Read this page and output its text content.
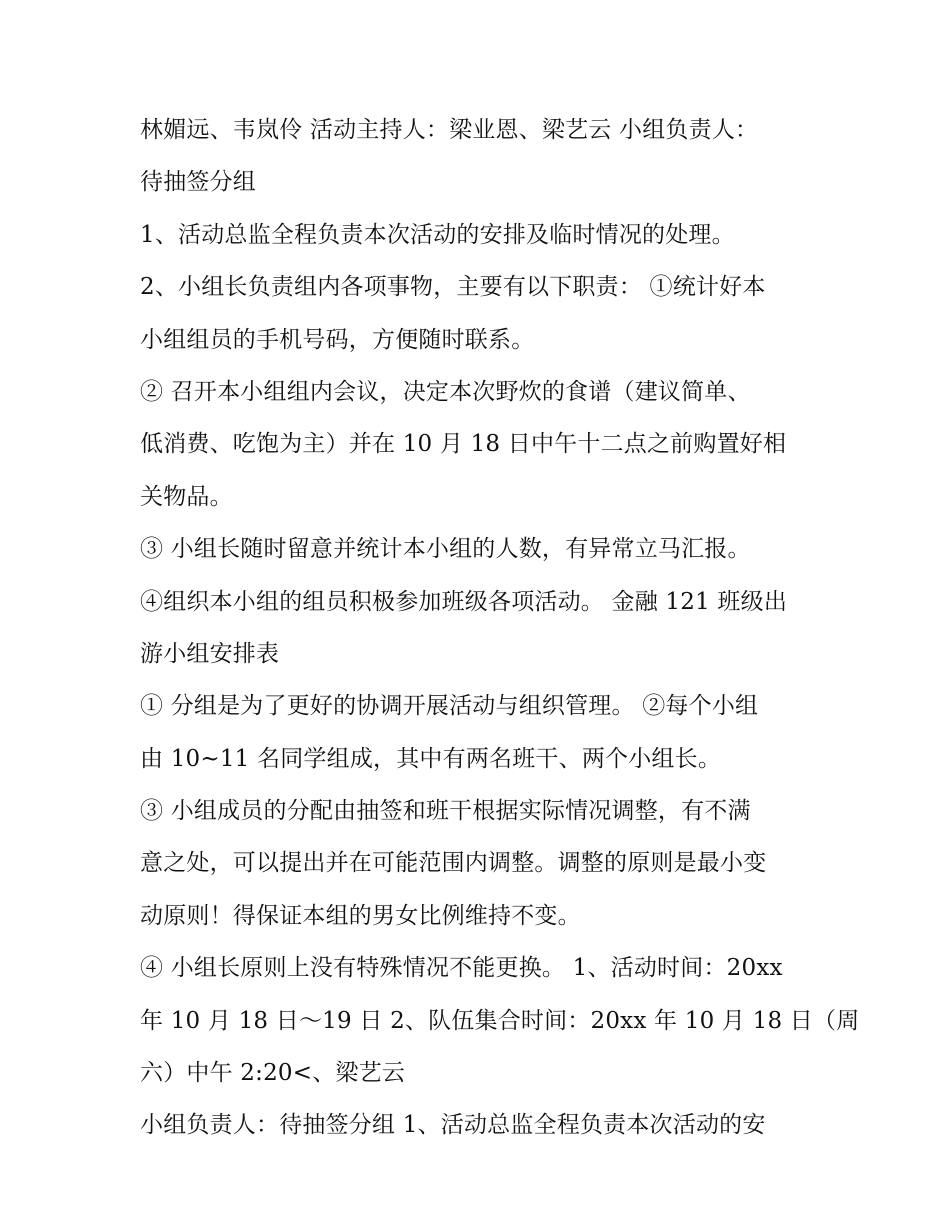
林媚远、韦岚伶 活动主持人：梁业恩、梁艺云 小组负责人：
待抽签分组
1、活动总监全程负责本次活动的安排及临时情况的处理。
2、小组长负责组内各项事物，主要有以下职责： ①统计好本
小组组员的手机号码，方便随时联系。
② 召开本小组组内会议，决定本次野炊的食谱（建议简单、
低消费、吃饱为主）并在 10 月 18 日中午十二点之前购置好相
关物品。
③ 小组长随时留意并统计本小组的人数，有异常立马汇报。
④组织本小组的组员积极参加班级各项活动。 金融 121 班级出
游小组安排表
① 分组是为了更好的协调开展活动与组织管理。 ②每个小组
由 10~11 名同学组成，其中有两名班干、两个小组长。
③ 小组成员的分配由抽签和班干根据实际情况调整，有不满
意之处，可以提出并在可能范围内调整。调整的原则是最小变
动原则！得保证本组的男女比例维持不变。
④ 小组长原则上没有特殊情况不能更换。 1、活动时间：20xx
年 10 月 18 日～19 日 2、队伍集合时间：20xx 年 10 月 18 日（周
六）中午 2:20<、梁艺云
小组负责人：待抽签分组 1、活动总监全程负责本次活动的安
